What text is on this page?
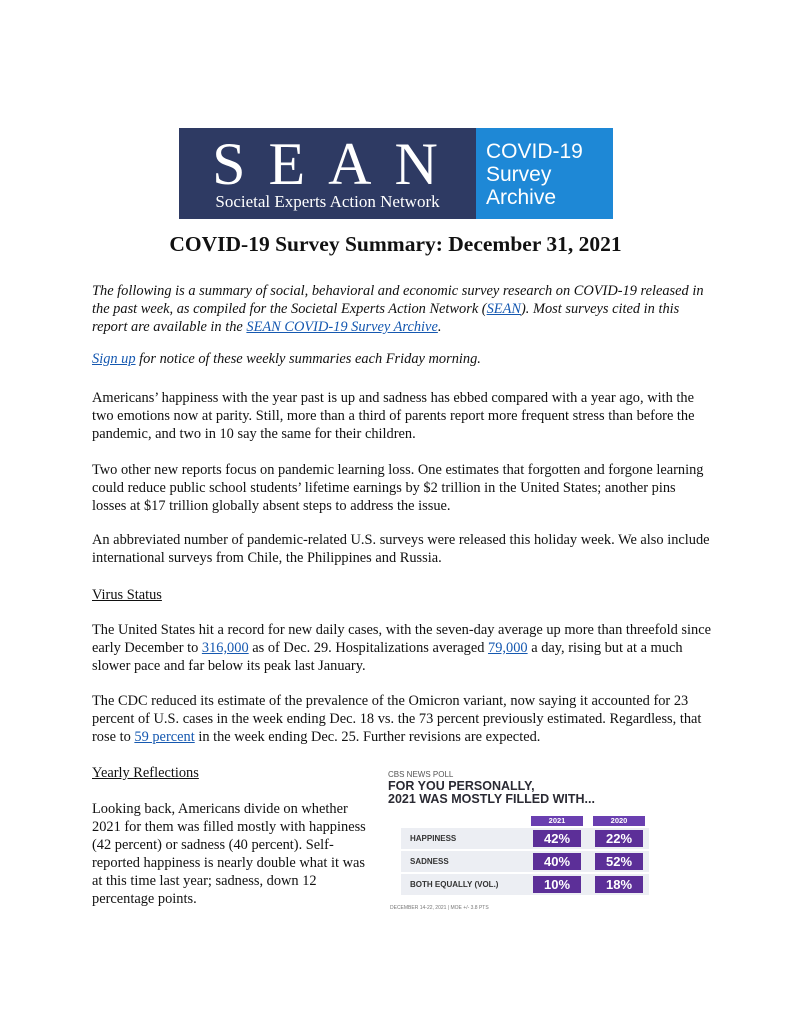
SEAN
Societal Experts Action Network
COVID-19
Survey
Archive
COVID-19 Survey Summary: December 31, 2021

The following is a summary of social, behavioral and economic survey research on COVID-19 released in the past week, as compiled for the Societal Experts Action Network (SEAN). Most surveys cited in this report are available in the SEAN COVID-19 Survey Archive.

Sign up for notice of these weekly summaries each Friday morning.

Americans’ happiness with the year past is up and sadness has ebbed compared with a year ago, with the two emotions now at parity. Still, more than a third of parents report more frequent stress than before the pandemic, and two in 10 say the same for their children.

Two other new reports focus on pandemic learning loss. One estimates that forgotten and forgone learning could reduce public school students’ lifetime earnings by $2 trillion in the United States; another pins losses at $17 trillion globally absent steps to address the issue.

An abbreviated number of pandemic-related U.S. surveys were released this holiday week. We also include international surveys from Chile, the Philippines and Russia.

Virus Status

The United States hit a record for new daily cases, with the seven-day average up more than threefold since early December to 316,000 as of Dec. 29. Hospitalizations averaged 79,000 a day, rising but at a much slower pace and far below its peak last January.

The CDC reduced its estimate of the prevalence of the Omicron variant, now saying it accounted for 23 percent of U.S. cases in the week ending Dec. 18 vs. the 73 percent previously estimated. Regardless, that rose to 59 percent in the week ending Dec. 25. Further revisions are expected.

Yearly Reflections

Looking back, Americans divide on whether 2021 for them was filled mostly with happiness (42 percent) or sadness (40 percent). Self-reported happiness is nearly double what it was at this time last year; sadness, down 12 percentage points.

CBS NEWS POLL
FOR YOU PERSONALLY,
2021 WAS MOSTLY FILLED WITH...
2021	2020
HAPPINESS	42%	22%
SADNESS	40%	52%
BOTH EQUALLY (VOL.)	10%	18%
DECEMBER 14-22, 2021 | MOE +/- 3.8 PTS
